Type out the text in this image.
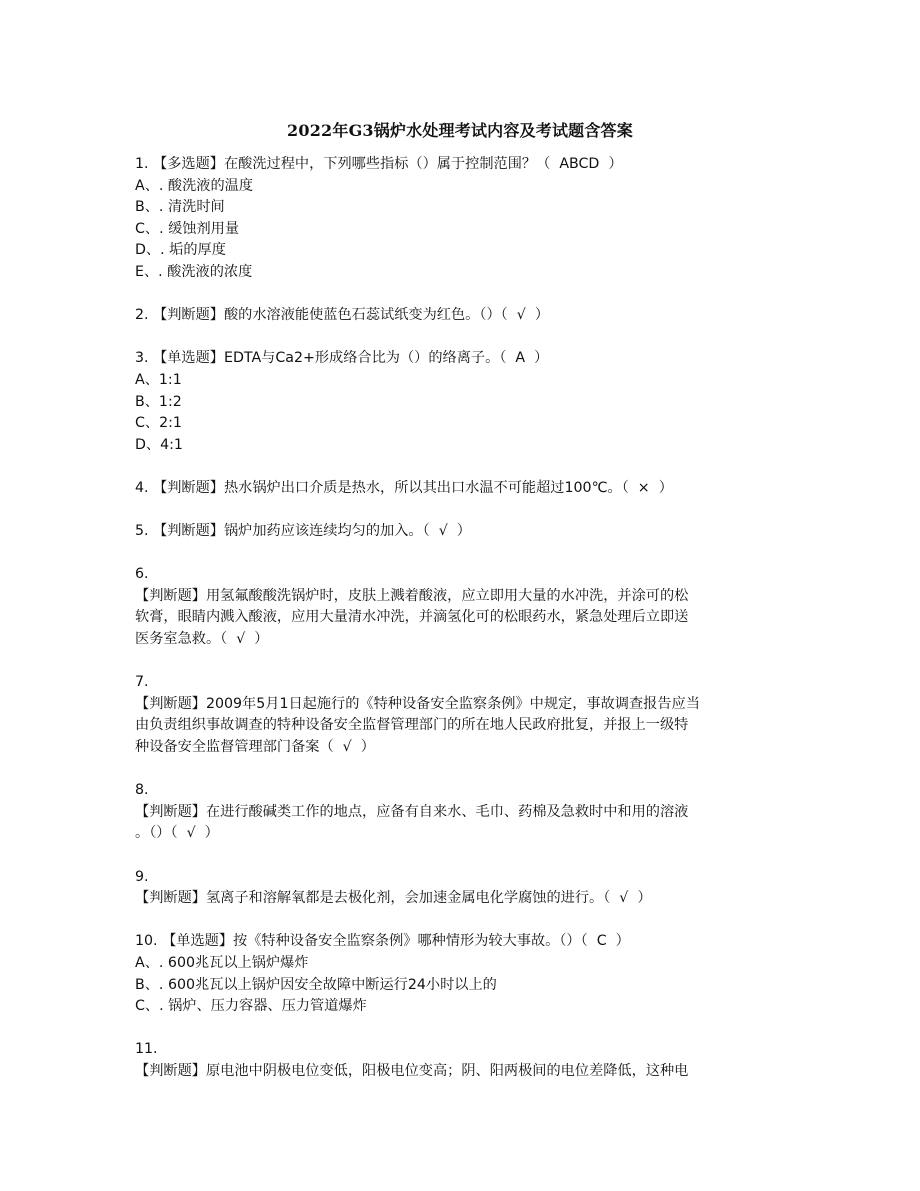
2022年G3锅炉水处理考试内容及考试题含答案
1. 【多选题】在酸洗过程中，下列哪些指标（）属于控制范围？（  ABCD  ）
A、. 酸洗液的温度
B、. 清洗时间
C、. 缓蚀剂用量
D、. 垢的厚度
E、. 酸洗液的浓度
2. 【判断题】酸的水溶液能使蓝色石蕊试纸变为红色。（）（  √  ）
3. 【单选题】EDTA与Ca2+形成络合比为（）的络离子。（  A  ）
A、1:1
B、1:2
C、2:1
D、4:1
4. 【判断题】热水锅炉出口介质是热水，所以其出口水温不可能超过100℃。（  ×  ）
5. 【判断题】锅炉加药应该连续均匀的加入。（  √  ）
6.
【判断题】用氢氟酸酸洗锅炉时，皮肤上溅着酸液，应立即用大量的水冲洗，并涂可的松
软膏，眼睛内溅入酸液，应用大量清水冲洗，并滴氢化可的松眼药水，紧急处理后立即送
医务室急救。（  √  ）
7.
【判断题】2009年5月1日起施行的《特种设备安全监察条例》中规定，事故调查报告应当
由负责组织事故调查的特种设备安全监督管理部门的所在地人民政府批复，并报上一级特
种设备安全监督管理部门备案（  √  ）
8.
【判断题】在进行酸碱类工作的地点，应备有自来水、毛巾、药棉及急救时中和用的溶液
。（）（  √  ）
9.
【判断题】氢离子和溶解氧都是去极化剂，会加速金属电化学腐蚀的进行。（  √  ）
10. 【单选题】按《特种设备安全监察条例》哪种情形为较大事故。（）（  C  ）
A、. 600兆瓦以上锅炉爆炸
B、. 600兆瓦以上锅炉因安全故障中断运行24小时以上的
C、. 锅炉、压力容器、压力管道爆炸
11.
【判断题】原电池中阴极电位变低，阳极电位变高；阴、阳两极间的电位差降低，这种电
